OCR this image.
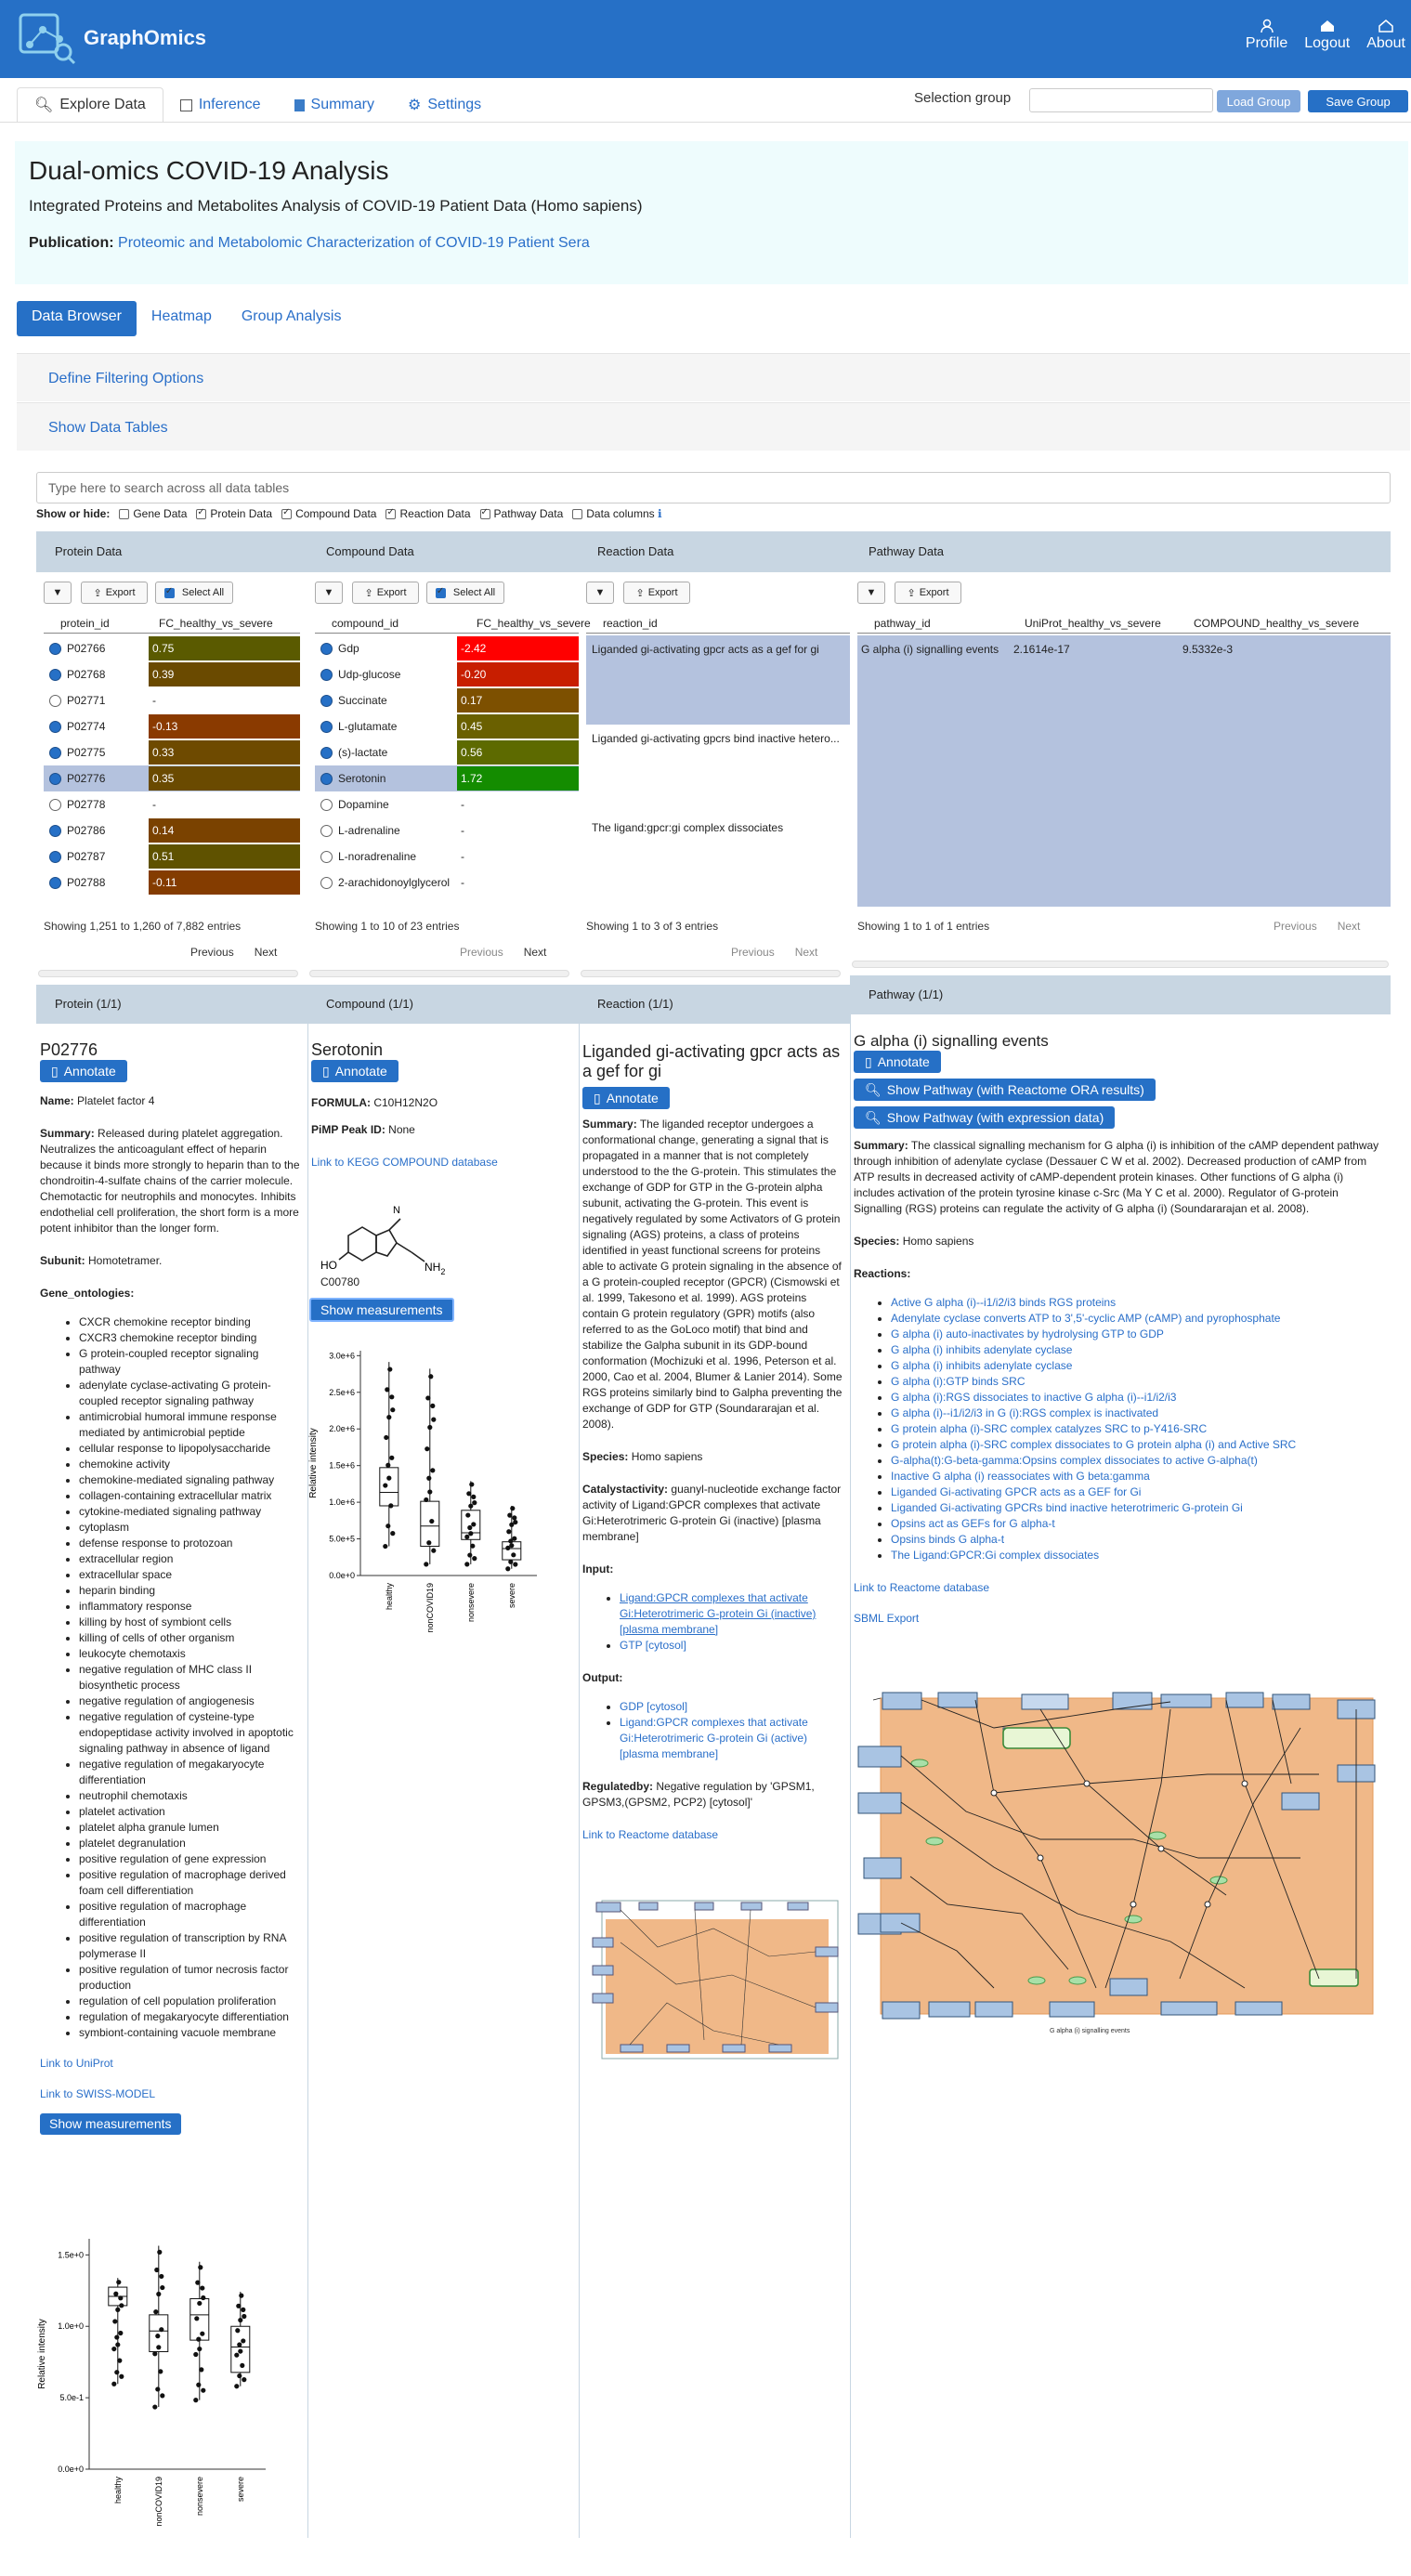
GraphOmics	Profile Logout About
🔍︎ Explore Data	Inference	Summary ⚙ Settings	Selection group	Load Group	Save Group
Dual-omics COVID-19 Analysis
Integrated Proteins and Metabolites Analysis of COVID-19 Patient Data (Homo sapiens)
Publication: Proteomic and Metabolomic Characterization of COVID-19 Patient Sera
Data Browser	Heatmap	Group Analysis
Define Filtering Options
Show Data Tables
Type here to search across all data tables
Show or hide:	Gene Data ✓	Protein Data ✓	Compound Data ✓	Reaction Data ✓	Pathway Data	Data columns ℹ
Protein Data	Compound Data	Reaction Data	Pathway Data
▼	⇪ Export ✓	Select All
protein_id	FC_healthy_vs_severe
P02766	0.75
P02768	0.39
P02771	-
P02774	-0.13
P02775	0.33
P02776	0.35
P02778	-
P02786	0.14
P02787	0.51
P02788	-0.11
Showing 1,251 to 1,260 of 7,882 entries
Previous Next
▼	⇪ Export ✓	Select All
compound_id	FC_healthy_vs_severe
Gdp	-2.42
Udp-glucose	-0.20
Succinate	0.17
L-glutamate	0.45
(s)-lactate	0.56
Serotonin	1.72
Dopamine	-
L-adrenaline	-
L-noradrenaline	-
2-arachidonoylglycerol -
Showing 1 to 10 of 23 entries
Previous Next
▼	⇪ Export
reaction_id
Liganded gi-activating gpcr acts as a gef for gi
Liganded gi-activating gpcrs bind inactive hetero...
The ligand:gpcr:gi complex dissociates
Showing 1 to 3 of 3 entries
Previous Next
▼	⇪ Export
pathway_id	UniProt_healthy_vs_severe	COMPOUND_healthy_vs_severe
G alpha (i) signalling events 2.1614e-17	9.5332e-3
Showing 1 to 1 of 1 entries	Previous Next
Protein (1/1)	Compound (1/1)	Reaction (1/1)
Pathway (1/1)
P02776
▯ Annotate

Name: Platelet factor 4

Summary: Released during platelet aggregation. Neutralizes the anticoagulant effect of heparin because it binds more strongly to heparin than to the chondroitin-4-sulfate chains of the carrier molecule. Chemotactic for neutrophils and monocytes. Inhibits endothelial cell proliferation, the short form is a more potent inhibitor than the longer form.

Subunit: Homotetramer.

Gene_ontologies:

• CXCR chemokine receptor binding
• CXCR3 chemokine receptor binding
• G protein-coupled receptor signaling pathway
• adenylate cyclase-activating G protein-coupled receptor signaling pathway
• antimicrobial humoral immune response mediated by antimicrobial peptide
• cellular response to lipopolysaccharide
• chemokine activity
• chemokine-mediated signaling pathway
• collagen-containing extracellular matrix
• cytokine-mediated signaling pathway
• cytoplasm
• defense response to protozoan
• extracellular region
• extracellular space
• heparin binding
• inflammatory response
• killing by host of symbiont cells
• killing of cells of other organism
• leukocyte chemotaxis
• negative regulation of MHC class II biosynthetic process
• negative regulation of angiogenesis
• negative regulation of cysteine-type endopeptidase activity involved in apoptotic signaling pathway in absence of ligand
• negative regulation of megakaryocyte differentiation
• neutrophil chemotaxis
• platelet activation
• platelet alpha granule lumen
• platelet degranulation
• positive regulation of gene expression
• positive regulation of macrophage derived foam cell differentiation
• positive regulation of macrophage differentiation
• positive regulation of transcription by RNA polymerase II
• positive regulation of tumor necrosis factor production
• regulation of cell population proliferation
• regulation of megakaryocyte differentiation
• symbiont-containing vacuole membrane

Link to UniProt

Link to SWISS-MODEL

Show measurements
0.0e+0
5.0e-1
1.0e+0
1.5e+0
Relative intensity
healthy	nonCOVID19	nonsevere	severe
Serotonin
▯ Annotate

FORMULA: C10H12N2O

PiMP Peak ID: None

Link to KEGG COMPOUND database

N
HO	$NH_2$
C00780
Show measurements
0.0e+0
5.0e+5
1.0e+6
1.5e+6
2.0e+6
2.5e+6
3.0e+6
Relative intensity
healthy	nonCOVID19	nonsevere	severe
Liganded gi-activating gpcr acts as a gef for gi
▯ Annotate

Summary: The liganded receptor undergoes a conformational change, generating a signal that is propagated in a manner that is not completely understood to the the G-protein. This stimulates the exchange of GDP for GTP in the G-protein alpha subunit, activating the G-protein. This event is negatively regulated by some Activators of G protein signaling (AGS) proteins, a class of proteins identified in yeast functional screens for proteins able to activate G protein signaling in the absence of a G protein-coupled receptor (GPCR) (Cismowski et al. 1999, Takesono et al. 1999). AGS proteins contain G protein regulatory (GPR) motifs (also referred to as the GoLoco motif) that bind and stabilize the Galpha subunit in its GDP-bound conformation (Mochizuki et al. 1996, Peterson et al. 2000, Cao et al. 2004, Blumer & Lanier 2014). Some RGS proteins similarly bind to Galpha preventing the exchange of GDP for GTP (Soundararajan et al. 2008).

Species: Homo sapiens

Catalystactivity: guanyl-nucleotide exchange factor activity of Ligand:GPCR complexes that activate Gi:Heterotrimeric G-protein Gi (inactive) [plasma membrane]

Input:

• Ligand:GPCR complexes that activate Gi:Heterotrimeric G-protein Gi (inactive) [plasma membrane]
• GTP [cytosol]

Output:

• GDP [cytosol]
• Ligand:GPCR complexes that activate Gi:Heterotrimeric G-protein Gi (active) [plasma membrane]

Regulatedby: Negative regulation by 'GPSM1, GPSM3,(GPSM2, PCP2) [cytosol]'

Link to Reactome database

G alpha (i) signalling events
▯ Annotate

🔍︎ Show Pathway (with Reactome ORA results)

🔍︎ Show Pathway (with expression data)

Summary: The classical signalling mechanism for G alpha (i) is inhibition of the cAMP dependent pathway through inhibition of adenylate cyclase (Dessauer C W et al. 2002). Decreased production of cAMP from ATP results in decreased activity of cAMP-dependent protein kinases. Other functions of G alpha (i) includes activation of the protein tyrosine kinase c-Src (Ma Y C et al. 2000). Regulator of G-protein Signalling (RGS) proteins can regulate the activity of G alpha (i) (Soundararajan et al. 2008).

Species: Homo sapiens

Reactions:

• Active G alpha (i)--i1/i2/i3 binds RGS proteins
• Adenylate cyclase converts ATP to 3',5'-cyclic AMP (cAMP) and pyrophosphate
• G alpha (i) auto-inactivates by hydrolysing GTP to GDP
• G alpha (i) inhibits adenylate cyclase
• G alpha (i) inhibits adenylate cyclase
• G alpha (i):GTP binds SRC
• G alpha (i):RGS dissociates to inactive G alpha (i)--i1/i2/i3
• G alpha (i)--i1/i2/i3 in G (i):RGS complex is inactivated
• G protein alpha (i)-SRC complex catalyzes SRC to p-Y416-SRC
• G protein alpha (i)-SRC complex dissociates to G protein alpha (i) and Active SRC
• G-alpha(t):G-beta-gamma:Opsins complex dissociates to active G-alpha(t)
• Inactive G alpha (i) reassociates with G beta:gamma
• Liganded Gi-activating GPCR acts as a GEF for Gi
• Liganded Gi-activating GPCRs bind inactive heterotrimeric G-protein Gi
• Opsins act as GEFs for G alpha-t
• Opsins binds G alpha-t
• The Ligand:GPCR:Gi complex dissociates

Link to Reactome database

SBML Export

G alpha (i) signalling events
